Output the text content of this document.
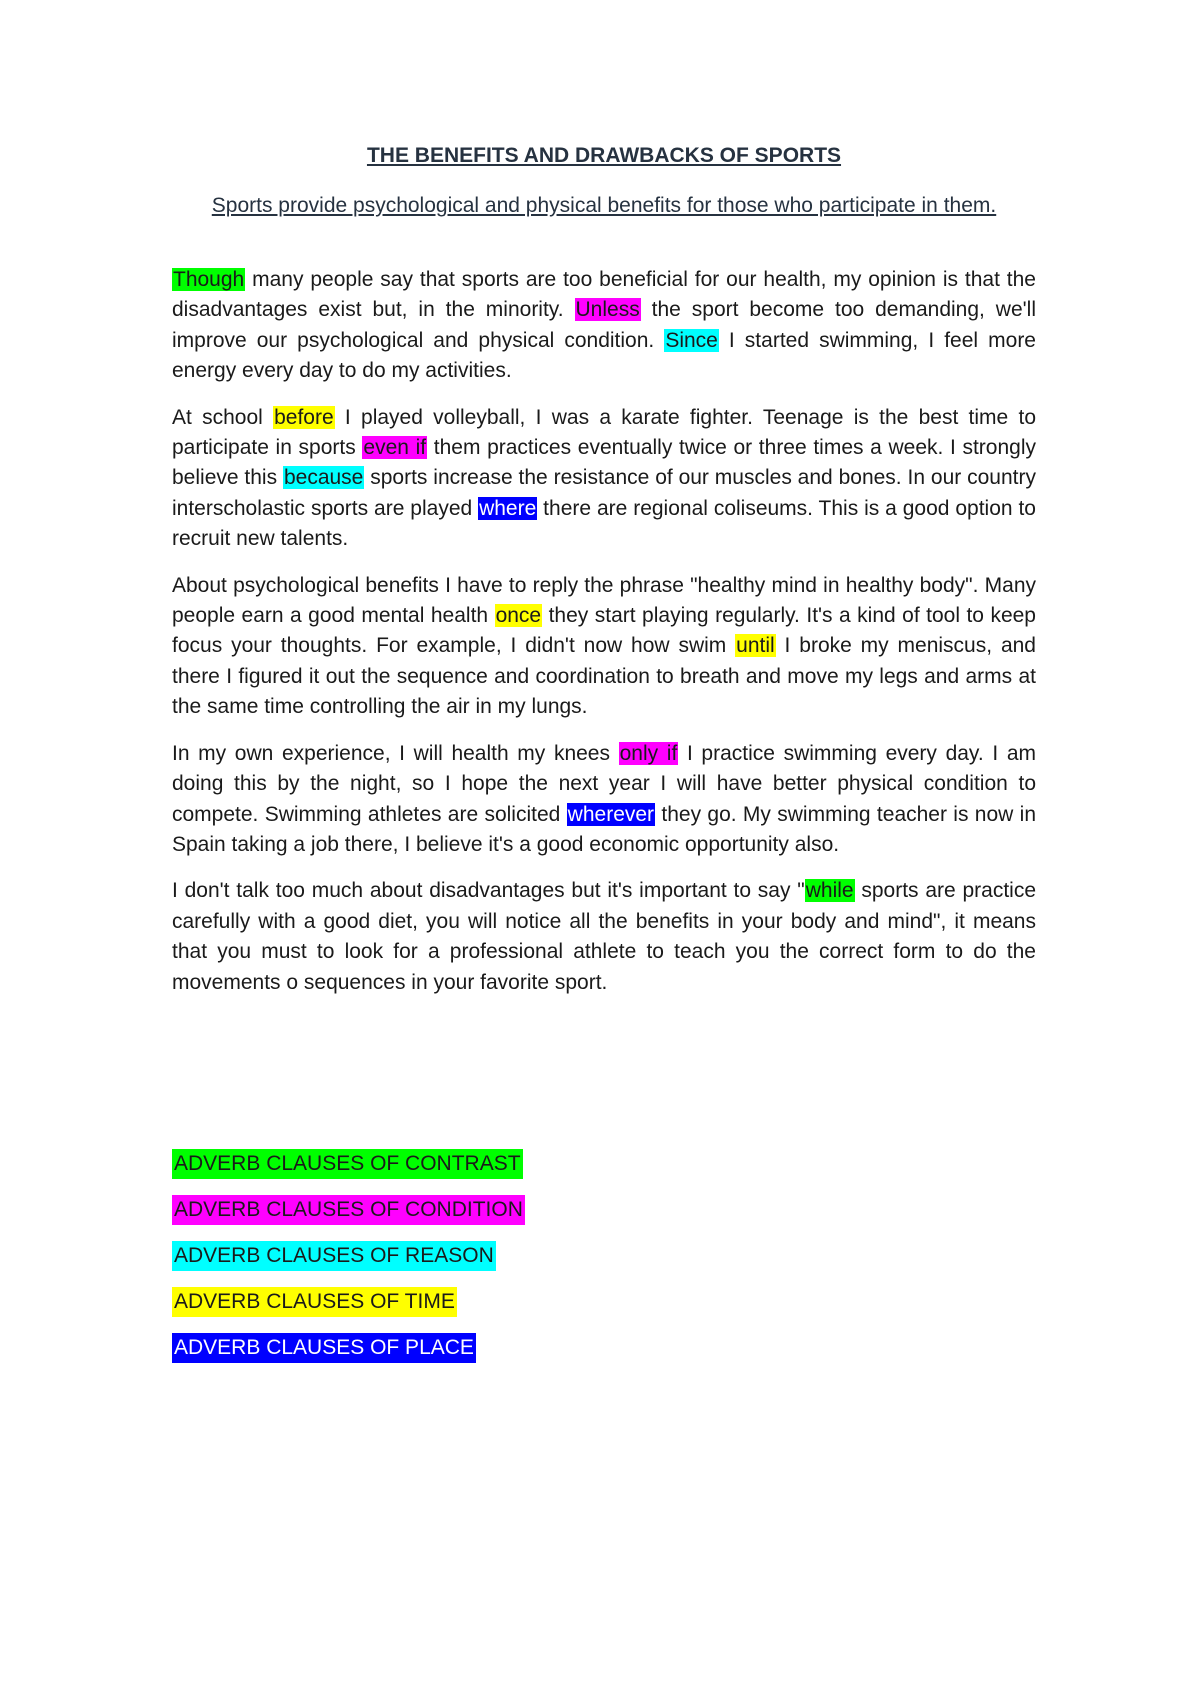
THE BENEFITS AND DRAWBACKS OF SPORTS

Sports provide psychological and physical benefits for those who participate in them.

Though many people say that sports are too beneficial for our health, my opinion is that the disadvantages exist but, in the minority. Unless the sport become too demanding, we'll improve our psychological and physical condition. Since I started swimming, I feel more energy every day to do my activities.

At school before I played volleyball, I was a karate fighter. Teenage is the best time to participate in sports even if them practices eventually twice or three times a week. I strongly believe this because sports increase the resistance of our muscles and bones. In our country interscholastic sports are played where there are regional coliseums. This is a good option to recruit new talents.

About psychological benefits I have to reply the phrase "healthy mind in healthy body". Many people earn a good mental health once they start playing regularly. It's a kind of tool to keep focus your thoughts. For example, I didn't now how swim until I broke my meniscus, and there I figured it out the sequence and coordination to breath and move my legs and arms at the same time controlling the air in my lungs.

In my own experience, I will health my knees only if I practice swimming every day. I am doing this by the night, so I hope the next year I will have better physical condition to compete. Swimming athletes are solicited wherever they go. My swimming teacher is now in Spain taking a job there, I believe it's a good economic opportunity also.

I don't talk too much about disadvantages but it's important to say "while sports are practice carefully with a good diet, you will notice all the benefits in your body and mind", it means that you must to look for a professional athlete to teach you the correct form to do the movements o sequences in your favorite sport.

ADVERB CLAUSES OF CONTRAST
ADVERB CLAUSES OF CONDITION
ADVERB CLAUSES OF REASON
ADVERB CLAUSES OF TIME
ADVERB CLAUSES OF PLACE
